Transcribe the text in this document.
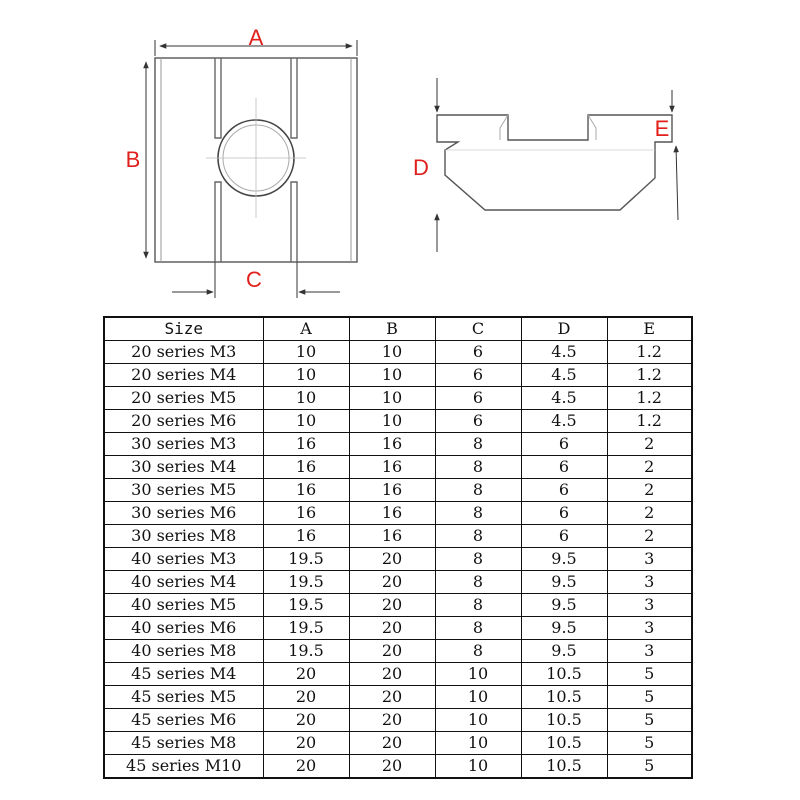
A
B
C
D
E
Size	A	B	C	D	E
20 series M3	10	10	6	4.5	1.2
20 series M4	10	10	6	4.5	1.2
20 series M5	10	10	6	4.5	1.2
20 series M6	10	10	6	4.5	1.2
30 series M3	16	16	8	6	2
30 series M4	16	16	8	6	2
30 series M5	16	16	8	6	2
30 series M6	16	16	8	6	2
30 series M8	16	16	8	6	2
40 series M3	19.5	20	8	9.5	3
40 series M4	19.5	20	8	9.5	3
40 series M5	19.5	20	8	9.5	3
40 series M6	19.5	20	8	9.5	3
40 series M8	19.5	20	8	9.5	3
45 series M4	20	20	10	10.5	5
45 series M5	20	20	10	10.5	5
45 series M6	20	20	10	10.5	5
45 series M8	20	20	10	10.5	5
45 series M10	20	20	10	10.5	5
